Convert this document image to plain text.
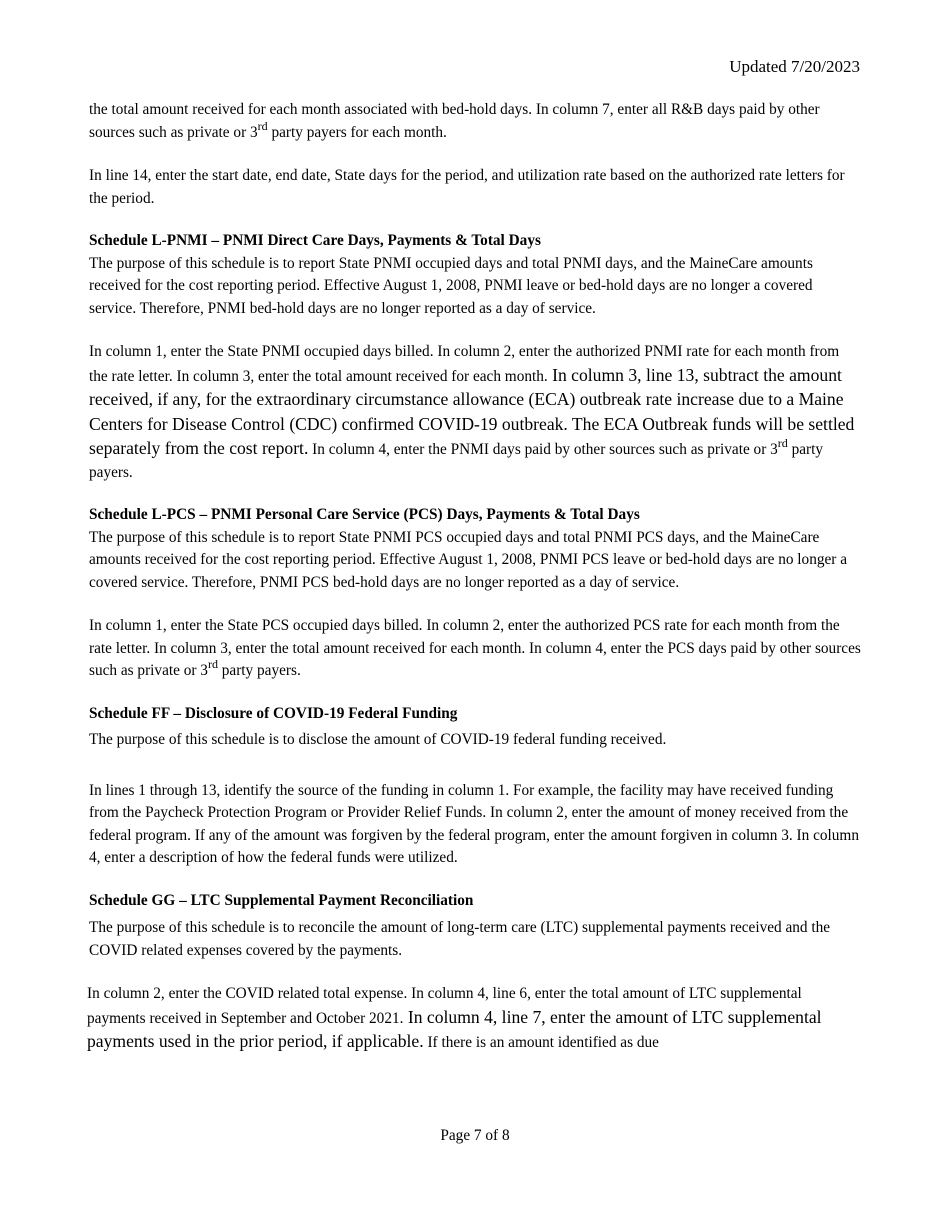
Updated 7/20/2023

the total amount received for each month associated with bed-hold days. In column 7, enter all R&B days paid by other sources such as private or 3rd party payers for each month.

In line 14, enter the start date, end date, State days for the period, and utilization rate based on the authorized rate letters for the period.

Schedule L-PNMI – PNMI Direct Care Days, Payments & Total Days

The purpose of this schedule is to report State PNMI occupied days and total PNMI days, and the MaineCare amounts received for the cost reporting period. Effective August 1, 2008, PNMI leave or bed-hold days are no longer a covered service. Therefore, PNMI bed-hold days are no longer reported as a day of service.

In column 1, enter the State PNMI occupied days billed. In column 2, enter the authorized PNMI rate for each month from the rate letter. In column 3, enter the total amount received for each month. In column 3, line 13, subtract the amount received, if any, for the extraordinary circumstance allowance (ECA) outbreak rate increase due to a Maine Centers for Disease Control (CDC) confirmed COVID-19 outbreak. The ECA Outbreak funds will be settled separately from the cost report. In column 4, enter the PNMI days paid by other sources such as private or 3rd party payers.

Schedule L-PCS – PNMI Personal Care Service (PCS) Days, Payments & Total Days

The purpose of this schedule is to report State PNMI PCS occupied days and total PNMI PCS days, and the MaineCare amounts received for the cost reporting period. Effective August 1, 2008, PNMI PCS leave or bed-hold days are no longer a covered service. Therefore, PNMI PCS bed-hold days are no longer reported as a day of service.

In column 1, enter the State PCS occupied days billed. In column 2, enter the authorized PCS rate for each month from the rate letter. In column 3, enter the total amount received for each month. In column 4, enter the PCS days paid by other sources such as private or 3rd party payers.

Schedule FF – Disclosure of COVID-19 Federal Funding

The purpose of this schedule is to disclose the amount of COVID-19 federal funding received.

In lines 1 through 13, identify the source of the funding in column 1. For example, the facility may have received funding from the Paycheck Protection Program or Provider Relief Funds. In column 2, enter the amount of money received from the federal program. If any of the amount was forgiven by the federal program, enter the amount forgiven in column 3. In column 4, enter a description of how the federal funds were utilized.

Schedule GG – LTC Supplemental Payment Reconciliation

The purpose of this schedule is to reconcile the amount of long-term care (LTC) supplemental payments received and the COVID related expenses covered by the payments.

In column 2, enter the COVID related total expense. In column 4, line 6, enter the total amount of LTC supplemental payments received in September and October 2021. In column 4, line 7, enter the amount of LTC supplemental payments used in the prior period, if applicable. If there is an amount identified as due

Page 7 of 8
